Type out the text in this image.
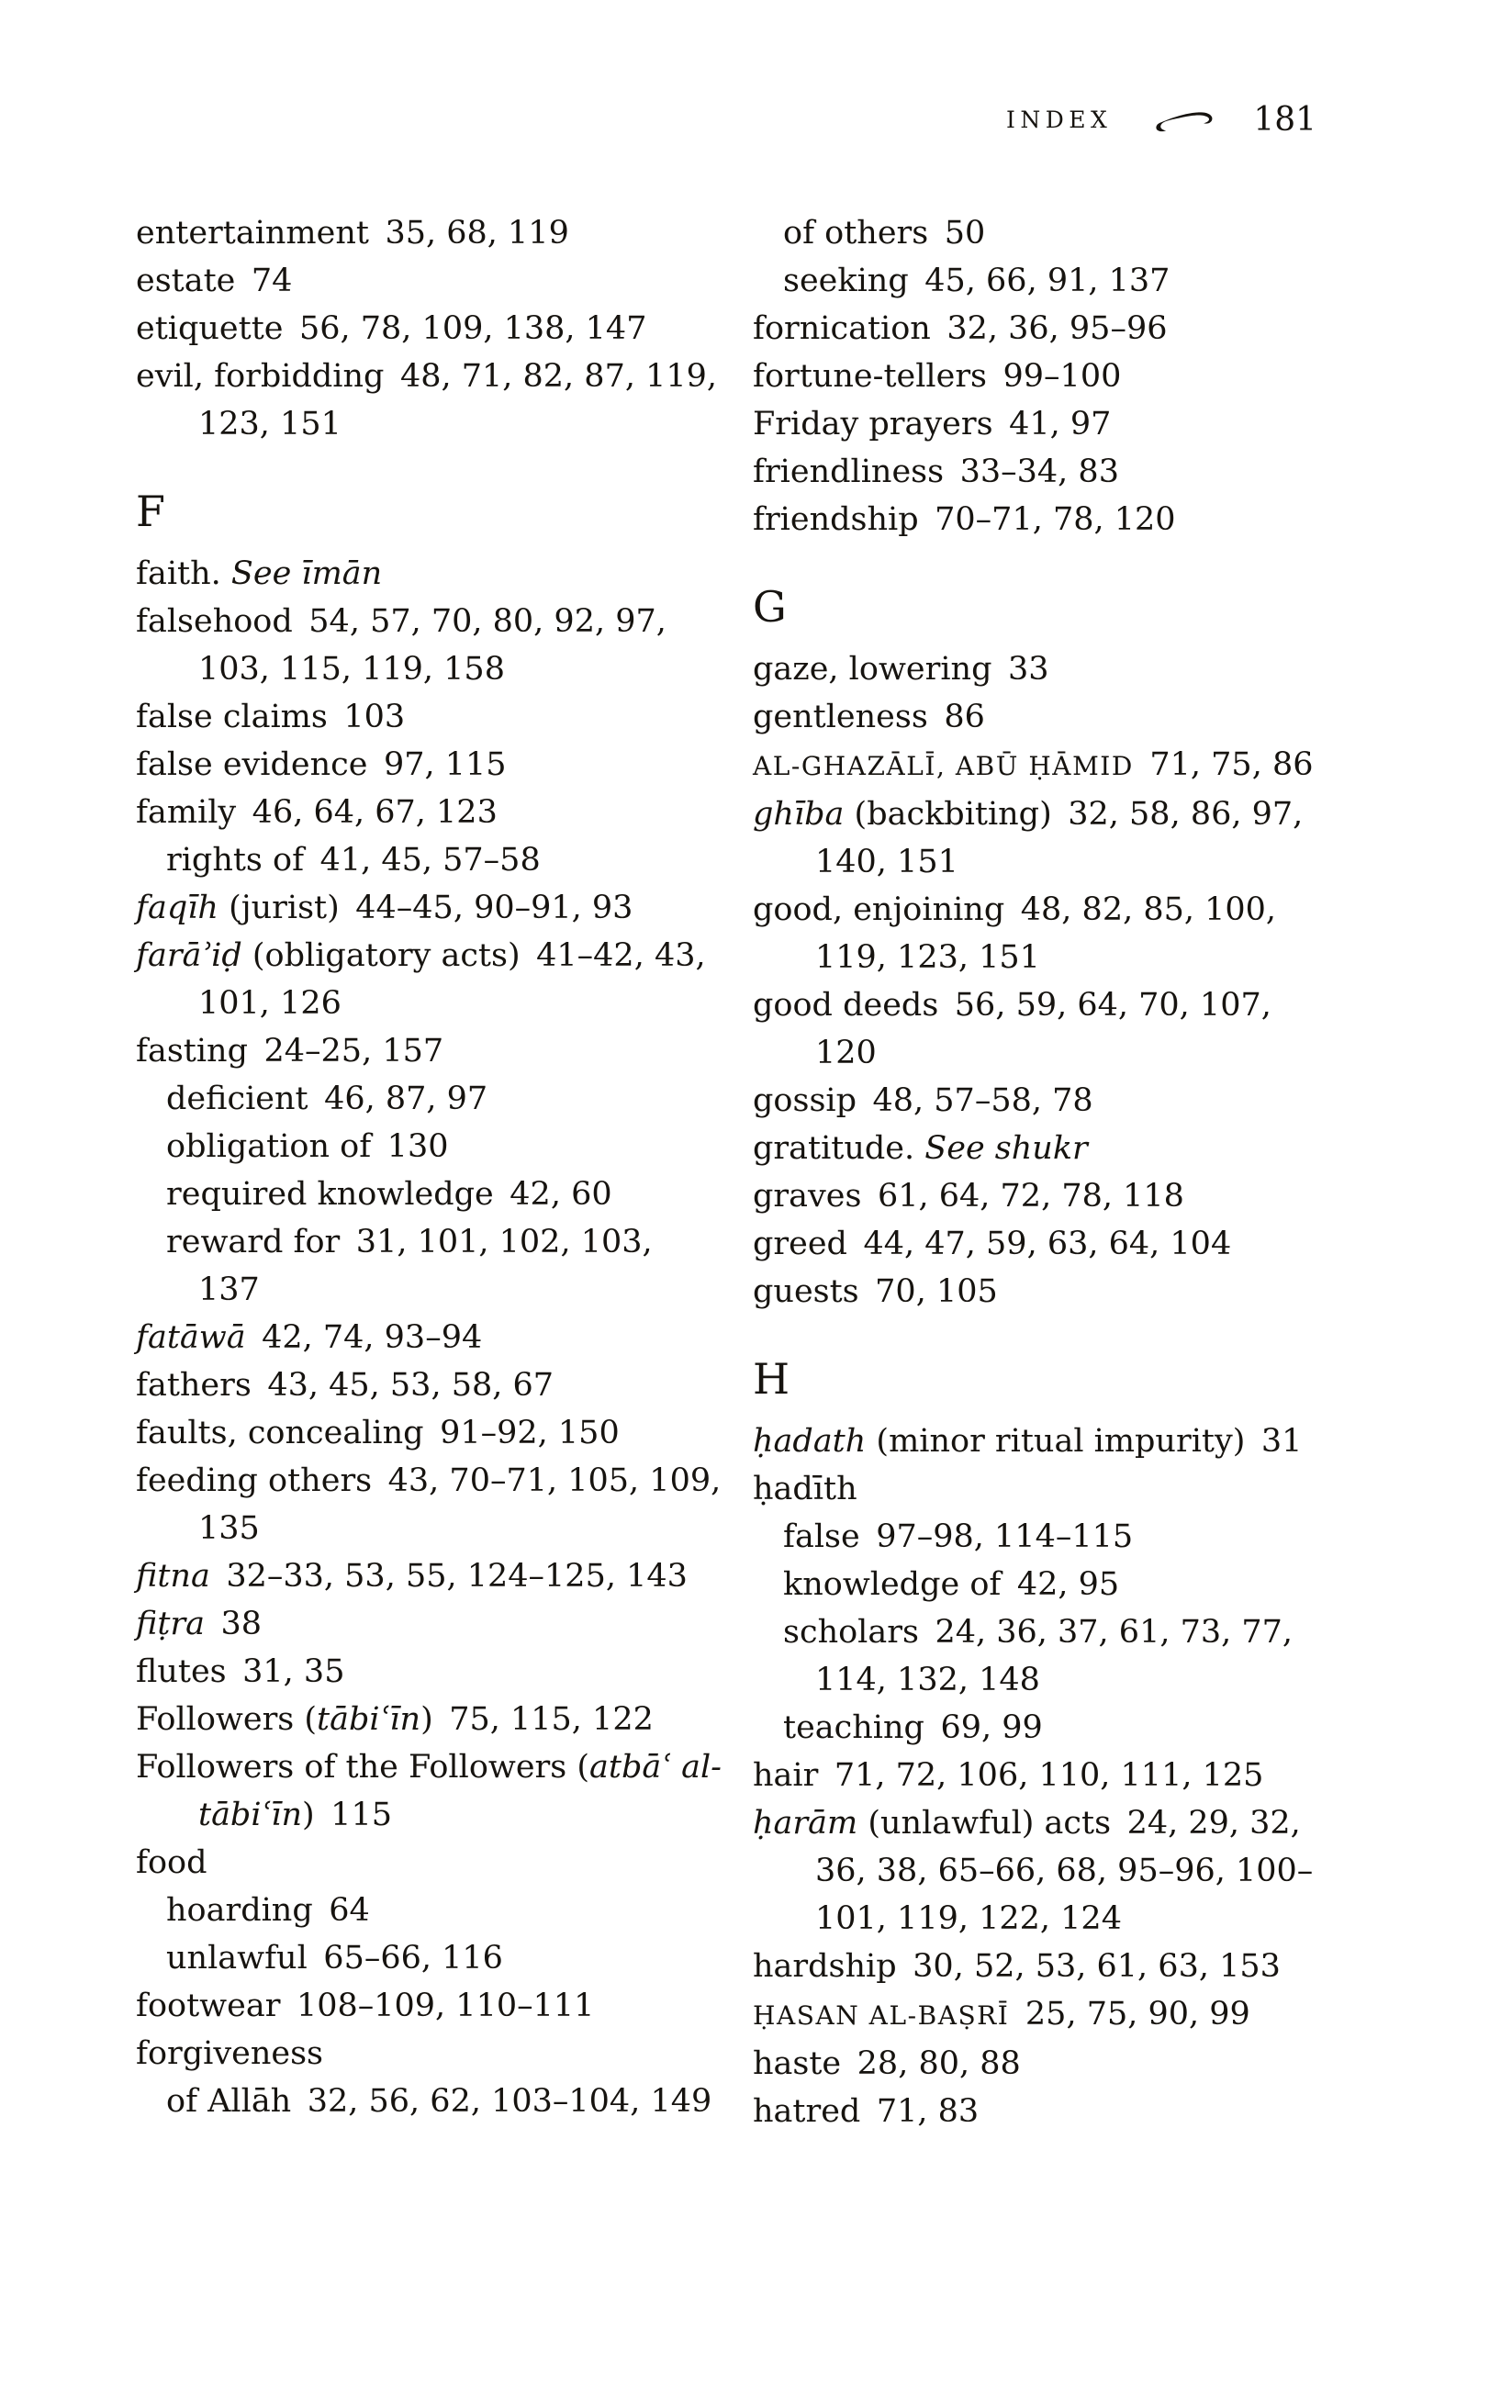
INDEX	181
entertainment  35, 68, 119
estate  74
etiquette  56, 78, 109, 138, 147
evil, forbidding  48, 71, 82, 87, 119, 123, 151
F
faith. See īmān
falsehood  54, 57, 70, 80, 92, 97, 103, 115, 119, 158
false claims  103
false evidence  97, 115
family  46, 64, 67, 123
rights of  41, 45, 57–58
faqīh (jurist)  44–45, 90–91, 93
farāʾiḍ (obligatory acts)  41–42, 43, 101, 126
fasting  24–25, 157
deficient  46, 87, 97
obligation of  130
required knowledge  42, 60
reward for  31, 101, 102, 103, 137
fatāwā  42, 74, 93–94
fathers  43, 45, 53, 58, 67
faults, concealing  91–92, 150
feeding others  43, 70–71, 105, 109, 135
fitna  32–33, 53, 55, 124–125, 143
fiṭra  38
flutes  31, 35
Followers (tābiʿīn)  75, 115, 122
Followers of the Followers (atbāʿ al-tābiʿīn)  115
food
hoarding  64
unlawful  65–66, 116
footwear  108–109, 110–111
forgiveness
of Allāh  32, 56, 62, 103–104, 149
of others  50
seeking  45, 66, 91, 137
fornication  32, 36, 95–96
fortune-tellers  99–100
Friday prayers  41, 97
friendliness  33–34, 83
friendship  70–71, 78, 120
G
gaze, lowering  33
gentleness  86
AL-GHAZĀLĪ, ABŪ ḤĀMID  71, 75, 86
ghība (backbiting)  32, 58, 86, 97, 140, 151
good, enjoining  48, 82, 85, 100, 119, 123, 151
good deeds  56, 59, 64, 70, 107, 120
gossip  48, 57–58, 78
gratitude. See shukr
graves  61, 64, 72, 78, 118
greed  44, 47, 59, 63, 64, 104
guests  70, 105
H
ḥadath (minor ritual impurity)  31
ḥadīth
false  97–98, 114–115
knowledge of  42, 95
scholars  24, 36, 37, 61, 73, 77, 114, 132, 148
teaching  69, 99
hair  71, 72, 106, 110, 111, 125
ḥarām (unlawful) acts  24, 29, 32, 36, 38, 65–66, 68, 95–96, 100–101, 119, 122, 124
hardship  30, 52, 53, 61, 63, 153
ḤASAN AL-BAṢRĪ  25, 75, 90, 99
haste  28, 80, 88
hatred  71, 83
